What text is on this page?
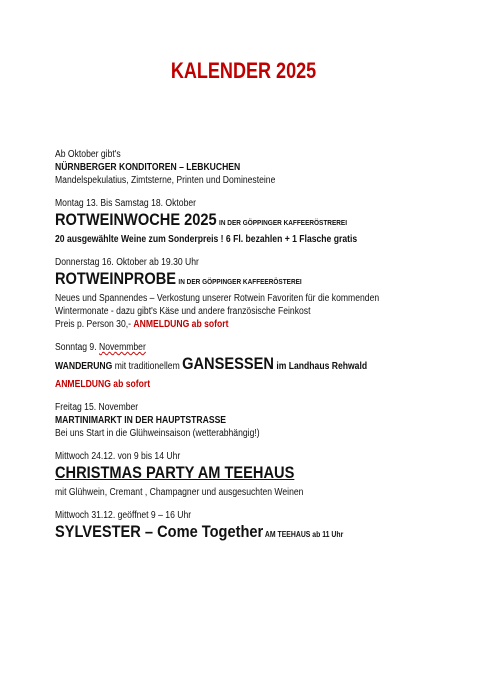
KALENDER 2025
Ab Oktober gibt's
NÜRNBERGER KONDITOREN – LEBKUCHEN
Mandelspekulatius, Zimtsterne, Printen und Dominesteine
Montag 13. Bis Samstag 18. Oktober
ROTWEINWOCHE 2025 IN DER GÖPPINGER KAFFEERÖSTREREI
20 ausgewählte Weine zum Sonderpreis ! 6 Fl. bezahlen + 1 Flasche gratis
Donnerstag 16. Oktober ab 19.30 Uhr
ROTWEINPROBE IN DER GÖPPINGER KAFFEERÖSTEREI
Neues und Spannendes – Verkostung unserer Rotwein Favoriten für die kommenden
Wintermonate - dazu gibt's Käse und andere französische Feinkost
Preis p. Person 30,- ANMELDUNG ab sofort
Sonntag 9. Novemmber
WANDERUNG mit traditionellem GANSESSEN im Landhaus Rehwald
ANMELDUNG ab sofort
Freitag 15. November
MARTINIMARKT IN DER HAUPTSTRASSE
Bei uns Start in die Glühweinsaison (wetterabhängig!)
Mittwoch 24.12. von 9 bis 14 Uhr
CHRISTMAS PARTY AM TEEHAUS
mit Glühwein, Cremant , Champagner und ausgesuchten Weinen
Mittwoch 31.12. geöffnet 9 – 16 Uhr
SYLVESTER – Come Together AM TEEHAUS ab 11 Uhr
